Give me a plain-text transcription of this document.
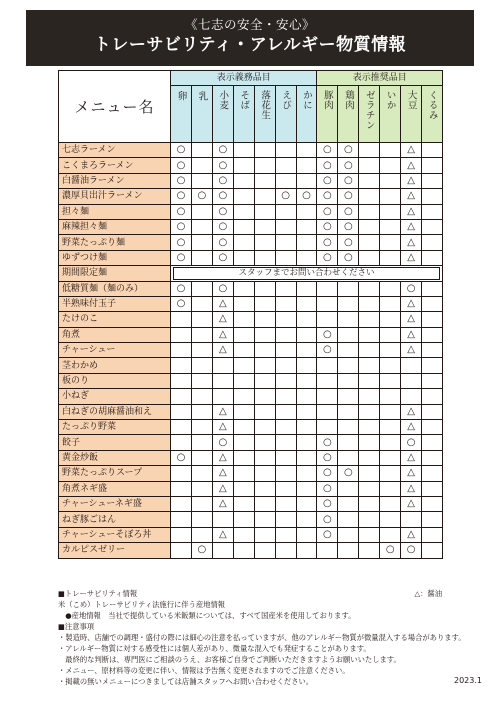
《七志の安全・安心》
トレーサビリティ・アレルギー物質情報
メニュー名	表示義務品目							表示推奨品目					
	卵	乳	小麦	そば	落花生	えび	かに	豚肉	鶏肉	ゼラチン	いか	大豆	くるみ
七志ラーメン	○		○					○	○			△	
こくまろラーメン	○		○					○	○			△	
白醤油ラーメン	○		○					○	○			△	
濃厚貝出汁ラーメン	○	○	○			○	○	○	○			△	
担々麺	○		○					○	○			△	
麻辣担々麺	○		○					○	○			△	
野菜たっぷり麺	○		○					○	○			△	
ゆずつけ麺	○		○					○	○			△	
期間限定麺	スタッフまでお問い合わせください												

低糖質麺（麺のみ）	○		○									○	
半熟味付玉子	○		△									△	
たけのこ			△									△	
角煮			△					○				△	
チャーシュー			△					○				△	
茎わかめ													
板のり													
小ねぎ													
白ねぎの胡麻醤油和え			△									△	
たっぷり野菜			△									△	
餃子			○					○				○	
黄金炒飯	○		△					○				△	
野菜たっぷりスープ			△					○	○			△	
角煮ネギ盛			△					○				△	
チャーシューネギ盛			△					○				△	
ねぎ豚ごはん								○					
チャーシューそぼろ丼			△					○				△	
カルピスゼリー		○									○	○	
■トレーサビリティ情報
米（こめ）トレーサビリティ法施行に伴う産地情報
　●産地情報　当社で提供している米飯類については、すべて国産米を使用しております。
■注意事項
・製造時、店舗での調理・盛付の際には細心の注意を払っていますが、他のアレルギー物質が微量混入する場合があります。
・アレルギー物質に対する感受性には個人差があり、微量な混入でも発症することがあります。
　最終的な判断は、専門医にご相談のうえ、お客様ご自身でご判断いただきますようお願いいたします。
・メニュー、原材料等の変更に伴い、情報は予告無く変更されますのでご注意ください。
・掲載の無いメニューにつきましては店舗スタッフへお問い合わせください。
△：醤油
2023.1
